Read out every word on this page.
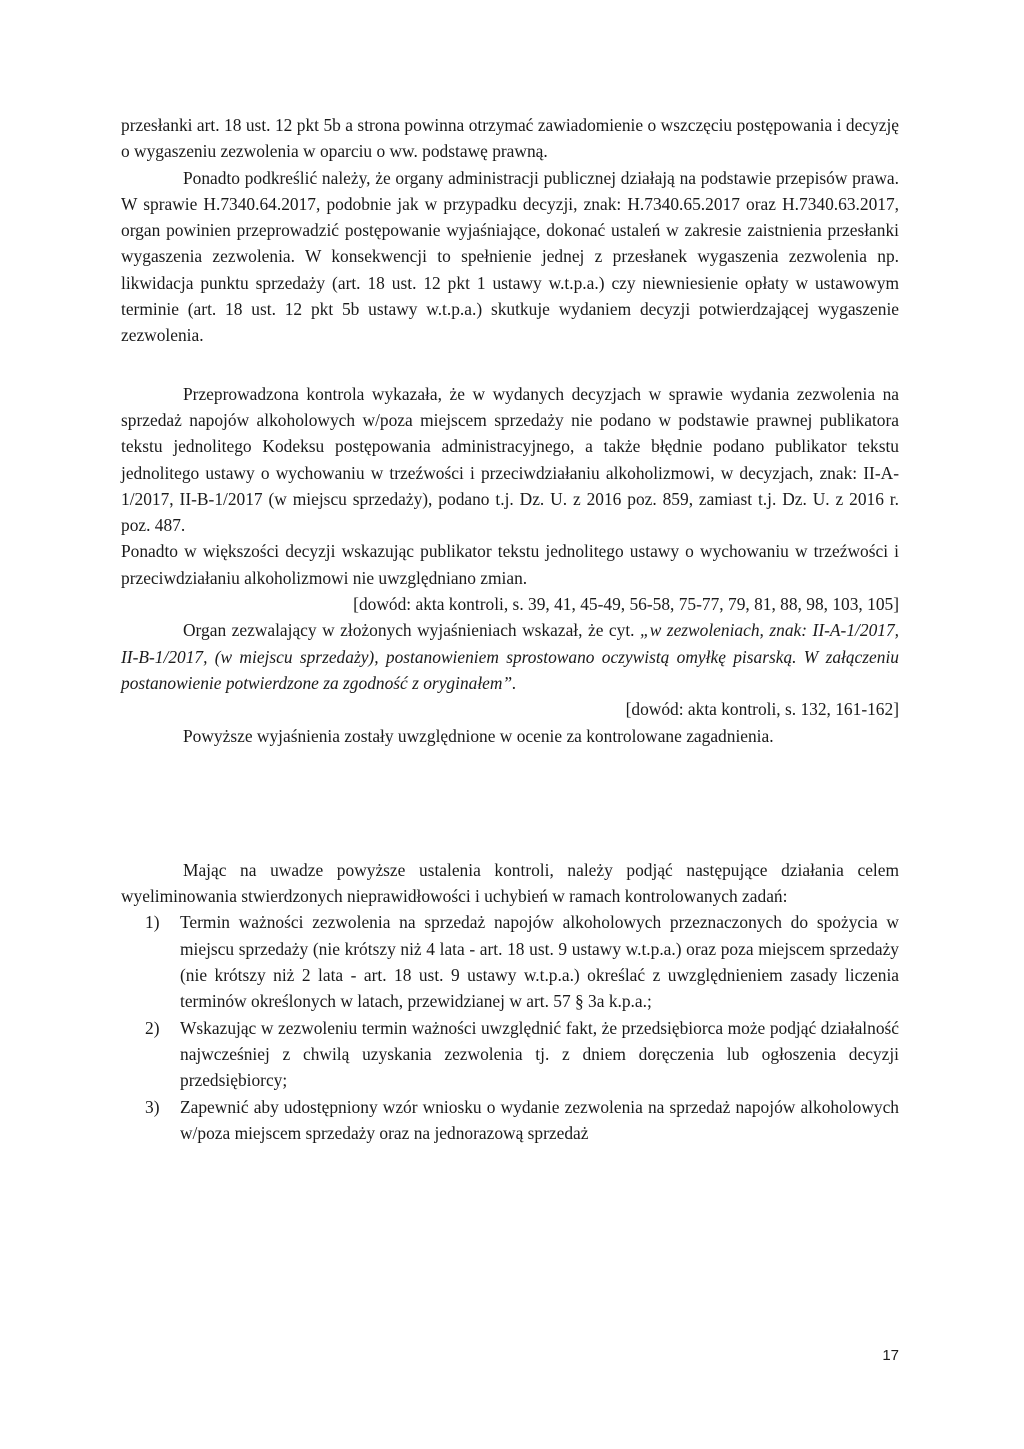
przesłanki art. 18 ust. 12 pkt 5b a strona powinna otrzymać zawiadomienie o wszczęciu postępowania i decyzję o wygaszeniu zezwolenia w oparciu o ww. podstawę prawną.

Ponadto podkreślić należy, że organy administracji publicznej działają na podstawie przepisów prawa. W sprawie H.7340.64.2017, podobnie jak w przypadku decyzji, znak: H.7340.65.2017 oraz H.7340.63.2017, organ powinien przeprowadzić postępowanie wyjaśniające, dokonać ustaleń w zakresie zaistnienia przesłanki wygaszenia zezwolenia. W konsekwencji to spełnienie jednej z przesłanek wygaszenia zezwolenia np. likwidacja punktu sprzedaży (art. 18 ust. 12 pkt 1 ustawy w.t.p.a.) czy niewniesienie opłaty w ustawowym terminie (art. 18 ust. 12 pkt 5b ustawy w.t.p.a.) skutkuje wydaniem decyzji potwierdzającej wygaszenie zezwolenia.

Przeprowadzona kontrola wykazała, że w wydanych decyzjach w sprawie wydania zezwolenia na sprzedaż napojów alkoholowych w/poza miejscem sprzedaży nie podano w podstawie prawnej publikatora tekstu jednolitego Kodeksu postępowania administracyjnego, a także błędnie podano publikator tekstu jednolitego ustawy o wychowaniu w trzeźwości i przeciwdziałaniu alkoholizmowi, w decyzjach, znak: II-A-1/2017, II-B-1/2017 (w miejscu sprzedaży), podano t.j. Dz. U. z 2016 poz. 859, zamiast t.j. Dz. U. z 2016 r. poz. 487.

Ponadto w większości decyzji wskazując publikator tekstu jednolitego ustawy o wychowaniu w trzeźwości i przeciwdziałaniu alkoholizmowi nie uwzględniano zmian.

[dowód: akta kontroli, s. 39, 41, 45-49, 56-58, 75-77, 79, 81, 88, 98, 103, 105]

Organ zezwalający w złożonych wyjaśnieniach wskazał, że cyt. „w zezwoleniach, znak: II-A-1/2017, II-B-1/2017, (w miejscu sprzedaży), postanowieniem sprostowano oczywistą omyłkę pisarską. W załączeniu postanowienie potwierdzone za zgodność z oryginałem”.

[dowód: akta kontroli, s. 132, 161-162]

Powyższe wyjaśnienia zostały uwzględnione w ocenie za kontrolowane zagadnienia.

Mając na uwadze powyższe ustalenia kontroli, należy podjąć następujące działania celem wyeliminowania stwierdzonych nieprawidłowości i uchybień w ramach kontrolowanych zadań:

1) Termin ważności zezwolenia na sprzedaż napojów alkoholowych przeznaczonych do spożycia w miejscu sprzedaży (nie krótszy niż 4 lata - art. 18 ust. 9 ustawy w.t.p.a.) oraz poza miejscem sprzedaży (nie krótszy niż 2 lata - art. 18 ust. 9 ustawy w.t.p.a.) określać z uwzględnieniem zasady liczenia terminów określonych w latach, przewidzianej w art. 57 § 3a k.p.a.;
2) Wskazując w zezwoleniu termin ważności uwzględnić fakt, że przedsiębiorca może podjąć działalność najwcześniej z chwilą uzyskania zezwolenia tj. z dniem doręczenia lub ogłoszenia decyzji przedsiębiorcy;
3) Zapewnić aby udostępniony wzór wniosku o wydanie zezwolenia na sprzedaż napojów alkoholowych w/poza miejscem sprzedaży oraz na jednorazową sprzedaż
17
